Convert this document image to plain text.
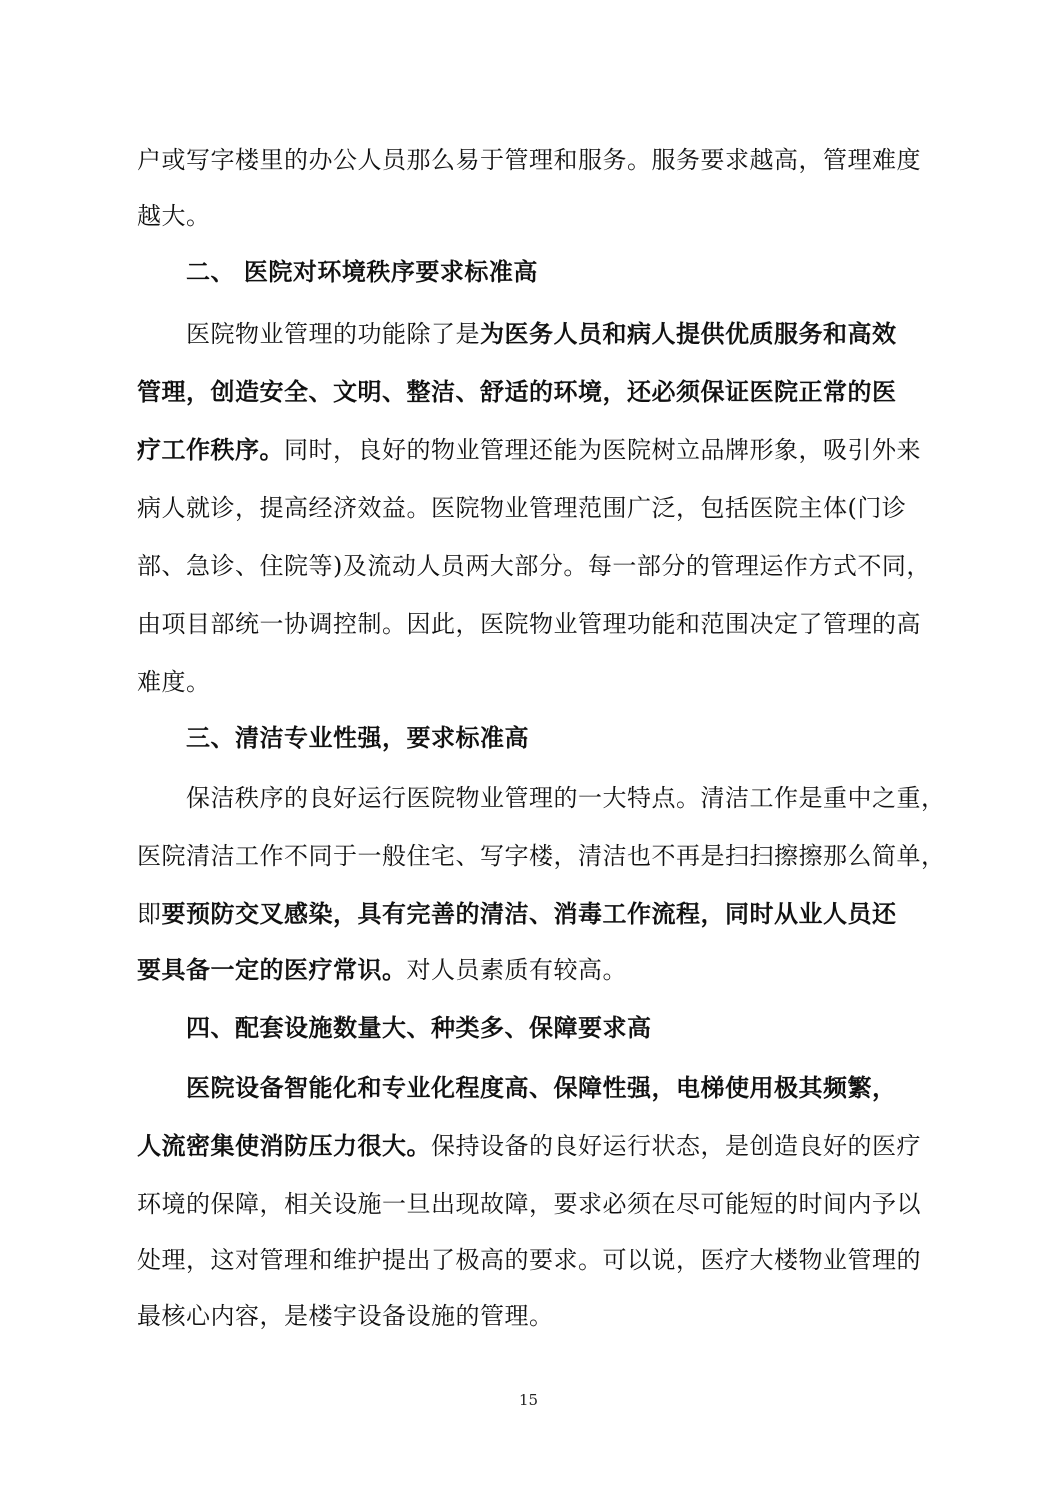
户或写字楼里的办公人员那么易于管理和服务。服务要求越高，管理难度
越大。
二、 医院对环境秩序要求标准高
医院物业管理的功能除了是为医务人员和病人提供优质服务和高效
管理，创造安全、文明、整洁、舒适的环境，还必须保证医院正常的医
疗工作秩序。同时，良好的物业管理还能为医院树立品牌形象，吸引外来
病人就诊，提高经济效益。医院物业管理范围广泛，包括医院主体(门诊
部、急诊、住院等)及流动人员两大部分。每一部分的管理运作方式不同，
由项目部统一协调控制。因此，医院物业管理功能和范围决定了管理的高
难度。
三、清洁专业性强，要求标准高
保洁秩序的良好运行医院物业管理的一大特点。清洁工作是重中之重，
医院清洁工作不同于一般住宅、写字楼，清洁也不再是扫扫擦擦那么简单，
即要预防交叉感染，具有完善的清洁、消毒工作流程，同时从业人员还
要具备一定的医疗常识。对人员素质有较高。
四、配套设施数量大、种类多、保障要求高
医院设备智能化和专业化程度高、保障性强，电梯使用极其频繁，
人流密集使消防压力很大。保持设备的良好运行状态，是创造良好的医疗
环境的保障，相关设施一旦出现故障，要求必须在尽可能短的时间内予以
处理，这对管理和维护提出了极高的要求。可以说，医疗大楼物业管理的
最核心内容，是楼宇设备设施的管理。
15
